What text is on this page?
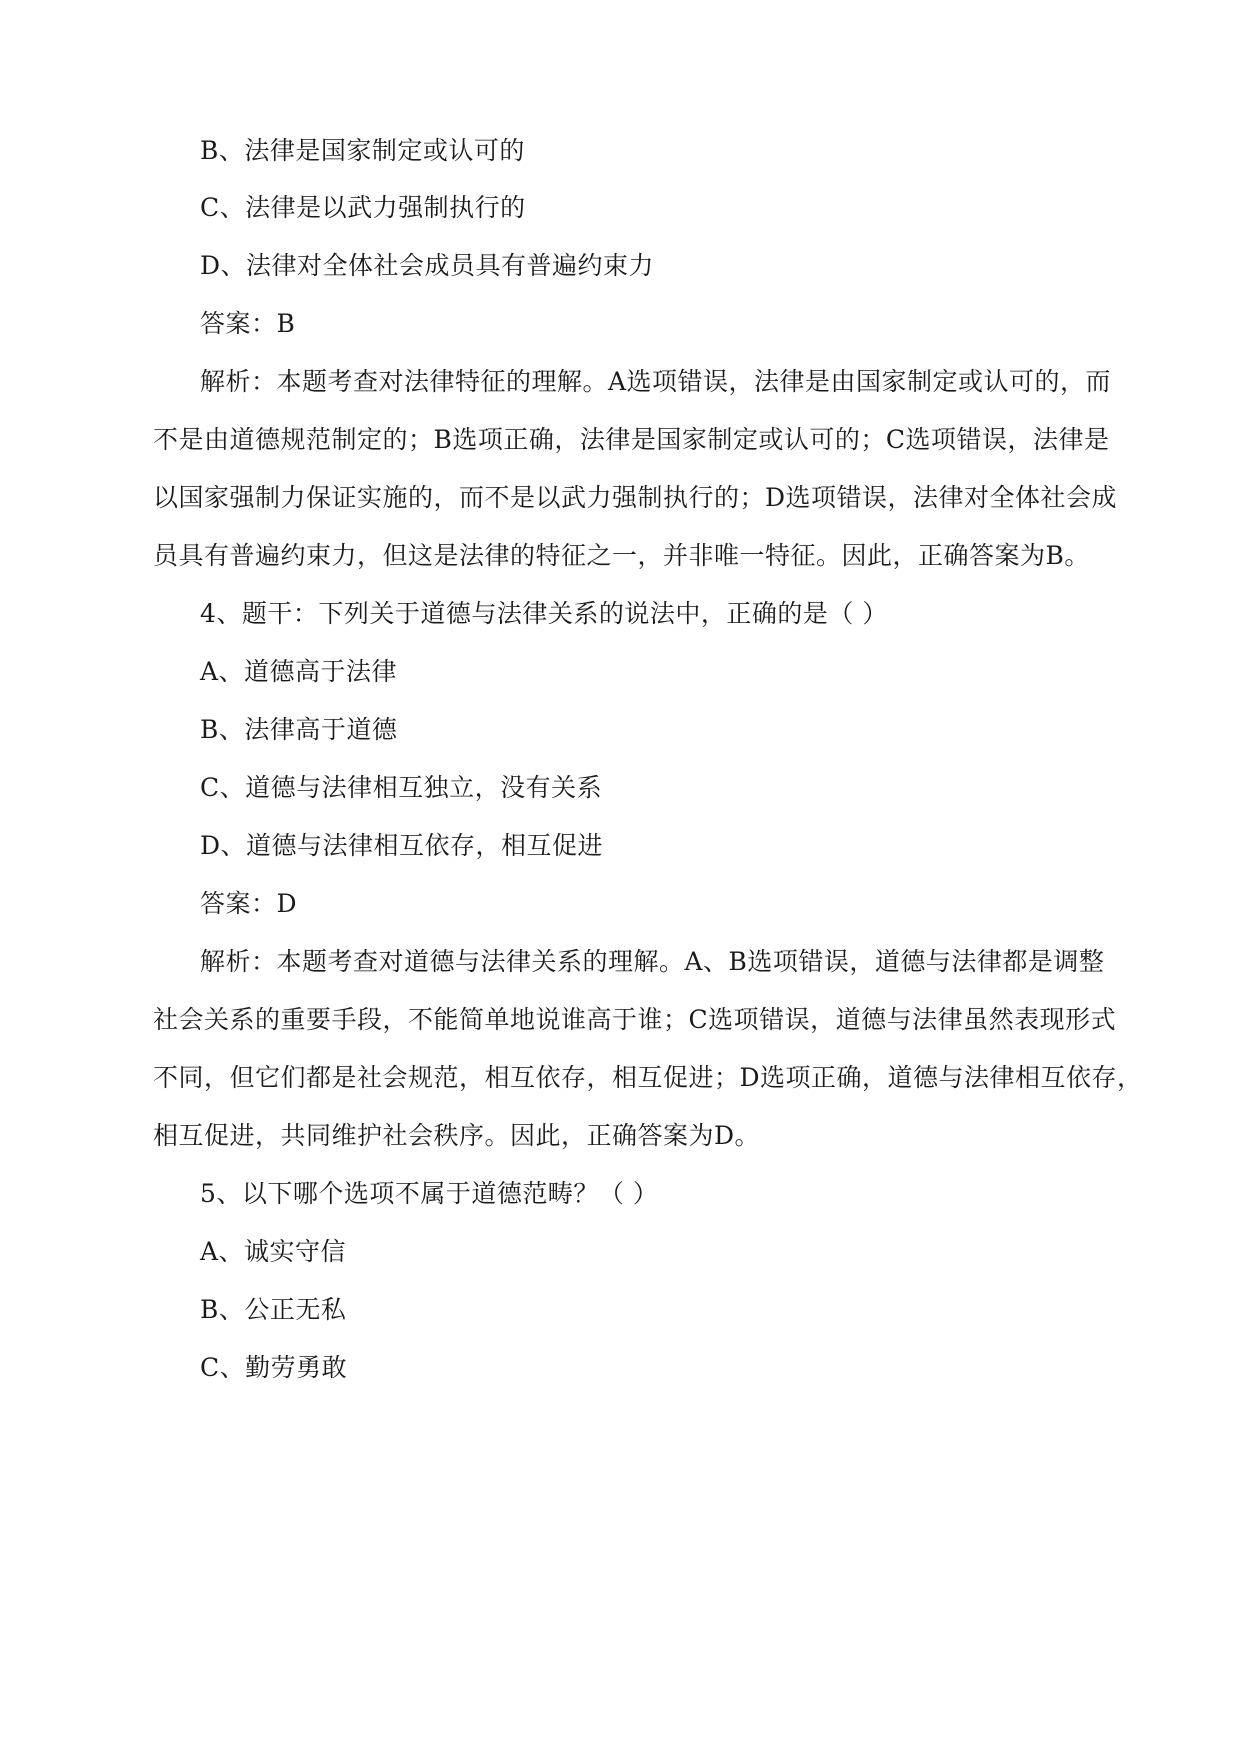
B、法律是国家制定或认可的

C、法律是以武力强制执行的

D、法律对全体社会成员具有普遍约束力

答案：B

解析：本题考查对法律特征的理解。A选项错误，法律是由国家制定或认可的，而

不是由道德规范制定的；B选项正确，法律是国家制定或认可的；C选项错误，法律是

以国家强制力保证实施的，而不是以武力强制执行的；D选项错误，法律对全体社会成

员具有普遍约束力，但这是法律的特征之一，并非唯一特征。因此，正确答案为B。

4、题干：下列关于道德与法律关系的说法中，正确的是（ ）

A、道德高于法律

B、法律高于道德

C、道德与法律相互独立，没有关系

D、道德与法律相互依存，相互促进

答案：D

解析：本题考查对道德与法律关系的理解。A、B选项错误，道德与法律都是调整

社会关系的重要手段，不能简单地说谁高于谁；C选项错误，道德与法律虽然表现形式

不同，但它们都是社会规范，相互依存，相互促进；D选项正确，道德与法律相互依存，

相互促进，共同维护社会秩序。因此，正确答案为D。

5、以下哪个选项不属于道德范畴？（ ）

A、诚实守信

B、公正无私

C、勤劳勇敢
